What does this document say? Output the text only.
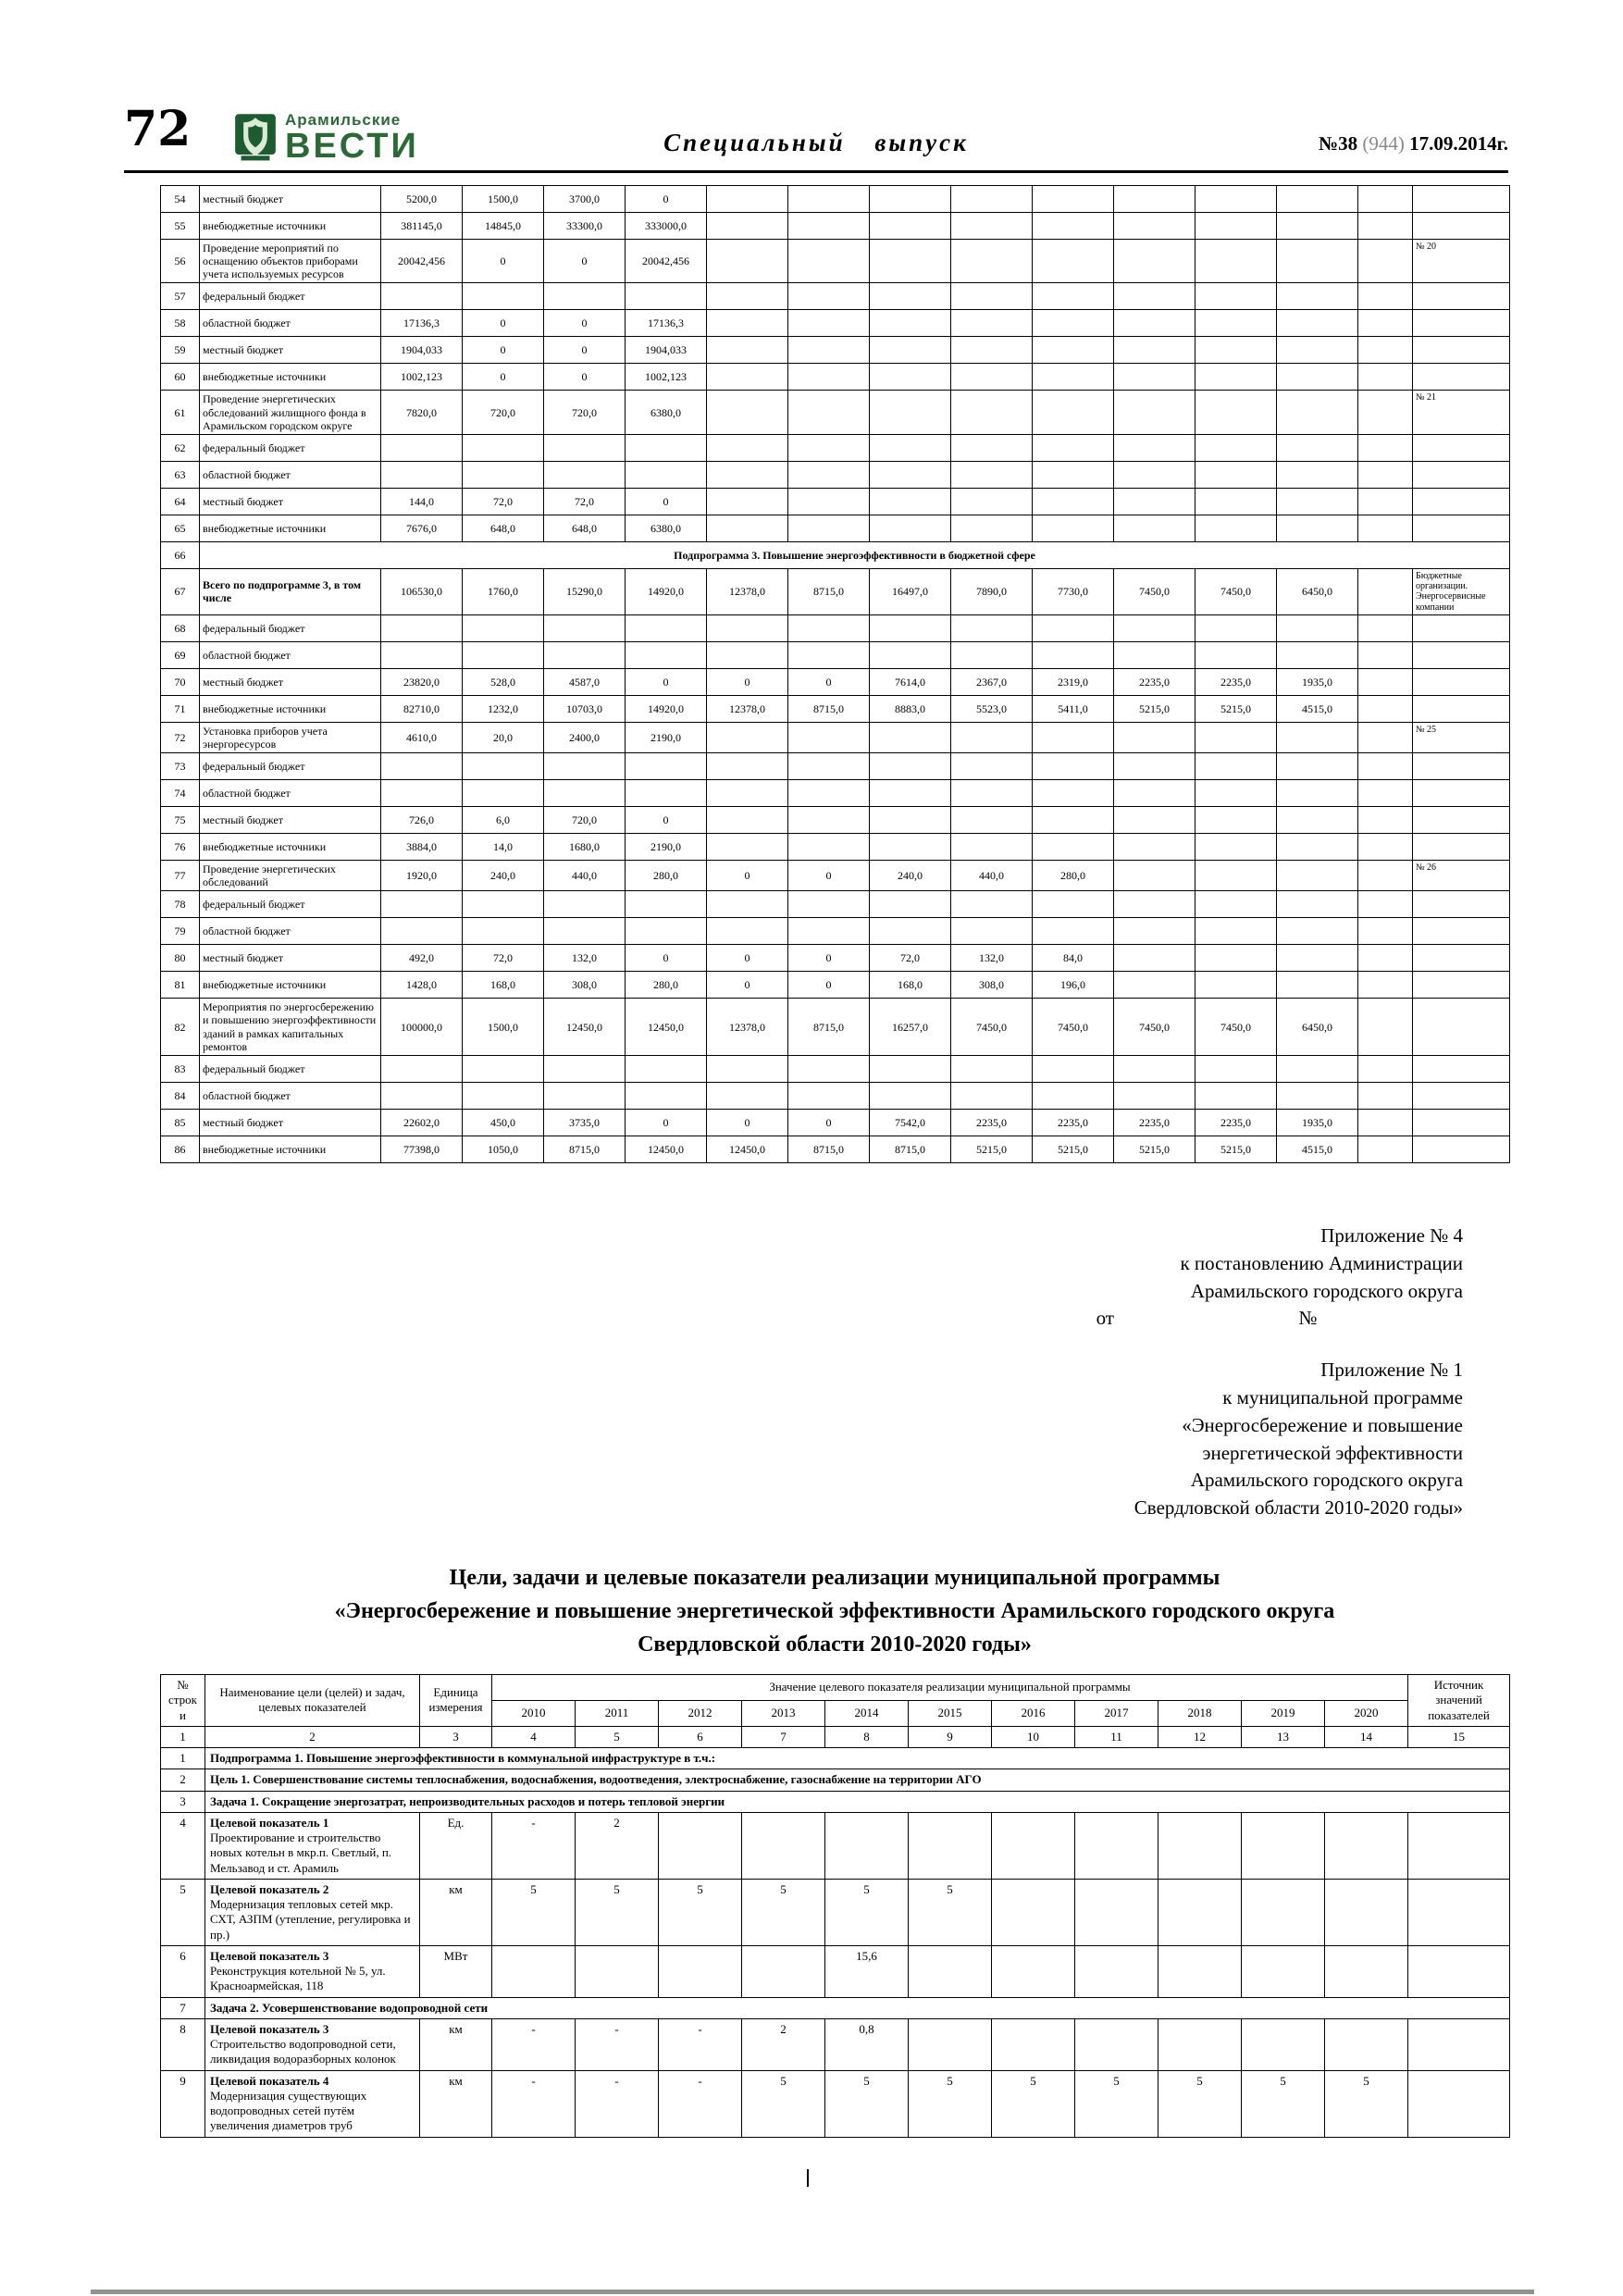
72	Арамильские
ВЕСТИ	Специальный выпуск	№38 (944) 17.09.2014г.
54	местный бюджет	5200,0	1500,0	3700,0	0										
55	внебюджетные источники	381145,0	14845,0	33300,0	333000,0										
56	Проведение мероприятий по оснащению объектов приборами учета используемых ресурсов	20042,456	0	0	20042,456										№ 20
57	федеральный бюджет														
58	областной бюджет	17136,3	0	0	17136,3										
59	местный бюджет	1904,033	0	0	1904,033										
60	внебюджетные источники	1002,123	0	0	1002,123										
61	Проведение энергетических обследований жилищного фонда в Арамильском городском округе	7820,0	720,0	720,0	6380,0										№ 21
62	федеральный бюджет														
63	областной бюджет														
64	местный бюджет	144,0	72,0	72,0	0										
65	внебюджетные источники	7676,0	648,0	648,0	6380,0										
66	Подпрограмма 3. Повышение энергоэффективности в бюджетной сфере														
67	Всего по подпрограмме 3, в том числе	106530,0	1760,0	15290,0	14920,0	12378,0	8715,0	16497,0	7890,0	7730,0	7450,0	7450,0	6450,0		Бюджетные организации. Энергосервисные компании
68	федеральный бюджет														
69	областной бюджет														
70	местный бюджет	23820,0	528,0	4587,0	0	0	0	7614,0	2367,0	2319,0	2235,0	2235,0	1935,0		
71	внебюджетные источники	82710,0	1232,0	10703,0	14920,0	12378,0	8715,0	8883,0	5523,0	5411,0	5215,0	5215,0	4515,0		
72	Установка приборов учета энергоресурсов	4610,0	20,0	2400,0	2190,0										№ 25
73	федеральный бюджет														
74	областной бюджет														
75	местный бюджет	726,0	6,0	720,0	0										
76	внебюджетные источники	3884,0	14,0	1680,0	2190,0										
77	Проведение энергетических обследований	1920,0	240,0	440,0	280,0	0	0	240,0	440,0	280,0					№ 26
78	федеральный бюджет														
79	областной бюджет														
80	местный бюджет	492,0	72,0	132,0	0	0	0	72,0	132,0	84,0					
81	внебюджетные источники	1428,0	168,0	308,0	280,0	0	0	168,0	308,0	196,0					
82	Мероприятия по энергосбережению и повышению энергоэффективности зданий в рамках капитальных ремонтов	100000,0	1500,0	12450,0	12450,0	12378,0	8715,0	16257,0	7450,0	7450,0	7450,0	7450,0	6450,0		
83	федеральный бюджет														
84	областной бюджет														
85	местный бюджет	22602,0	450,0	3735,0	0	0	0	7542,0	2235,0	2235,0	2235,0	2235,0	1935,0		
86	внебюджетные источники	77398,0	1050,0	8715,0	12450,0	12450,0	8715,0	8715,0	5215,0	5215,0	5215,0	5215,0	4515,0		
Приложение № 4
к постановлению Администрации
Арамильского городского округа
от                                      №
Приложение № 1
к муниципальной программе
«Энергосбережение и повышение
энергетической эффективности
Арамильского городского округа
Свердловской области 2010-2020 годы»
Цели, задачи и целевые показатели реализации муниципальной программы
«Энергосбережение и повышение энергетической эффективности Арамильского городского округа
Свердловской области 2010-2020 годы»
№ строки	Наименование цели (целей) и задач, целевых показателей	Единица измерения	Значение целевого показателя реализации муниципальной программы											Источник значений показателей
			2010	2011	2012	2013	2014	2015	2016	2017	2018	2019	2020	
1	2	3	4	5	6	7	8	9	10	11	12	13	14	15
1	Подпрограмма 1. Повышение энергоэффективности в коммунальной инфраструктуре в т.ч.:													
2	Цель 1. Совершенствование системы теплоснабжения, водоснабжения, водоотведения, электроснабжение, газоснабжение на территории АГО													
3	Задача 1. Сокращение энергозатрат, непроизводительных расходов и потерь тепловой энергии													
4	Целевой показатель 1
Проектирование и строительство новых котельн в мкр.п. Светлый, п. Мельзавод и ст. Арамиль	Ед.	-	2										
5	Целевой показатель 2
Модернизация тепловых сетей мкр. СХТ, АЗПМ (утепление, регулировка и пр.)	км	5	5	5	5	5	5						
6	Целевой показатель 3
Реконструкция котельной № 5, ул. Красноармейская, 118	МВт					15,6							
7	Задача 2. Усовершенствование водопроводной сети													
8	Целевой показатель 3
Строительство водопроводной сети, ликвидация водоразборных колонок	км	-	-	-	2	0,8							
9	Целевой показатель 4
Модернизация существующих водопроводных сетей путём увеличения диаметров труб	км	-	-	-	5	5	5	5	5	5	5	5	
